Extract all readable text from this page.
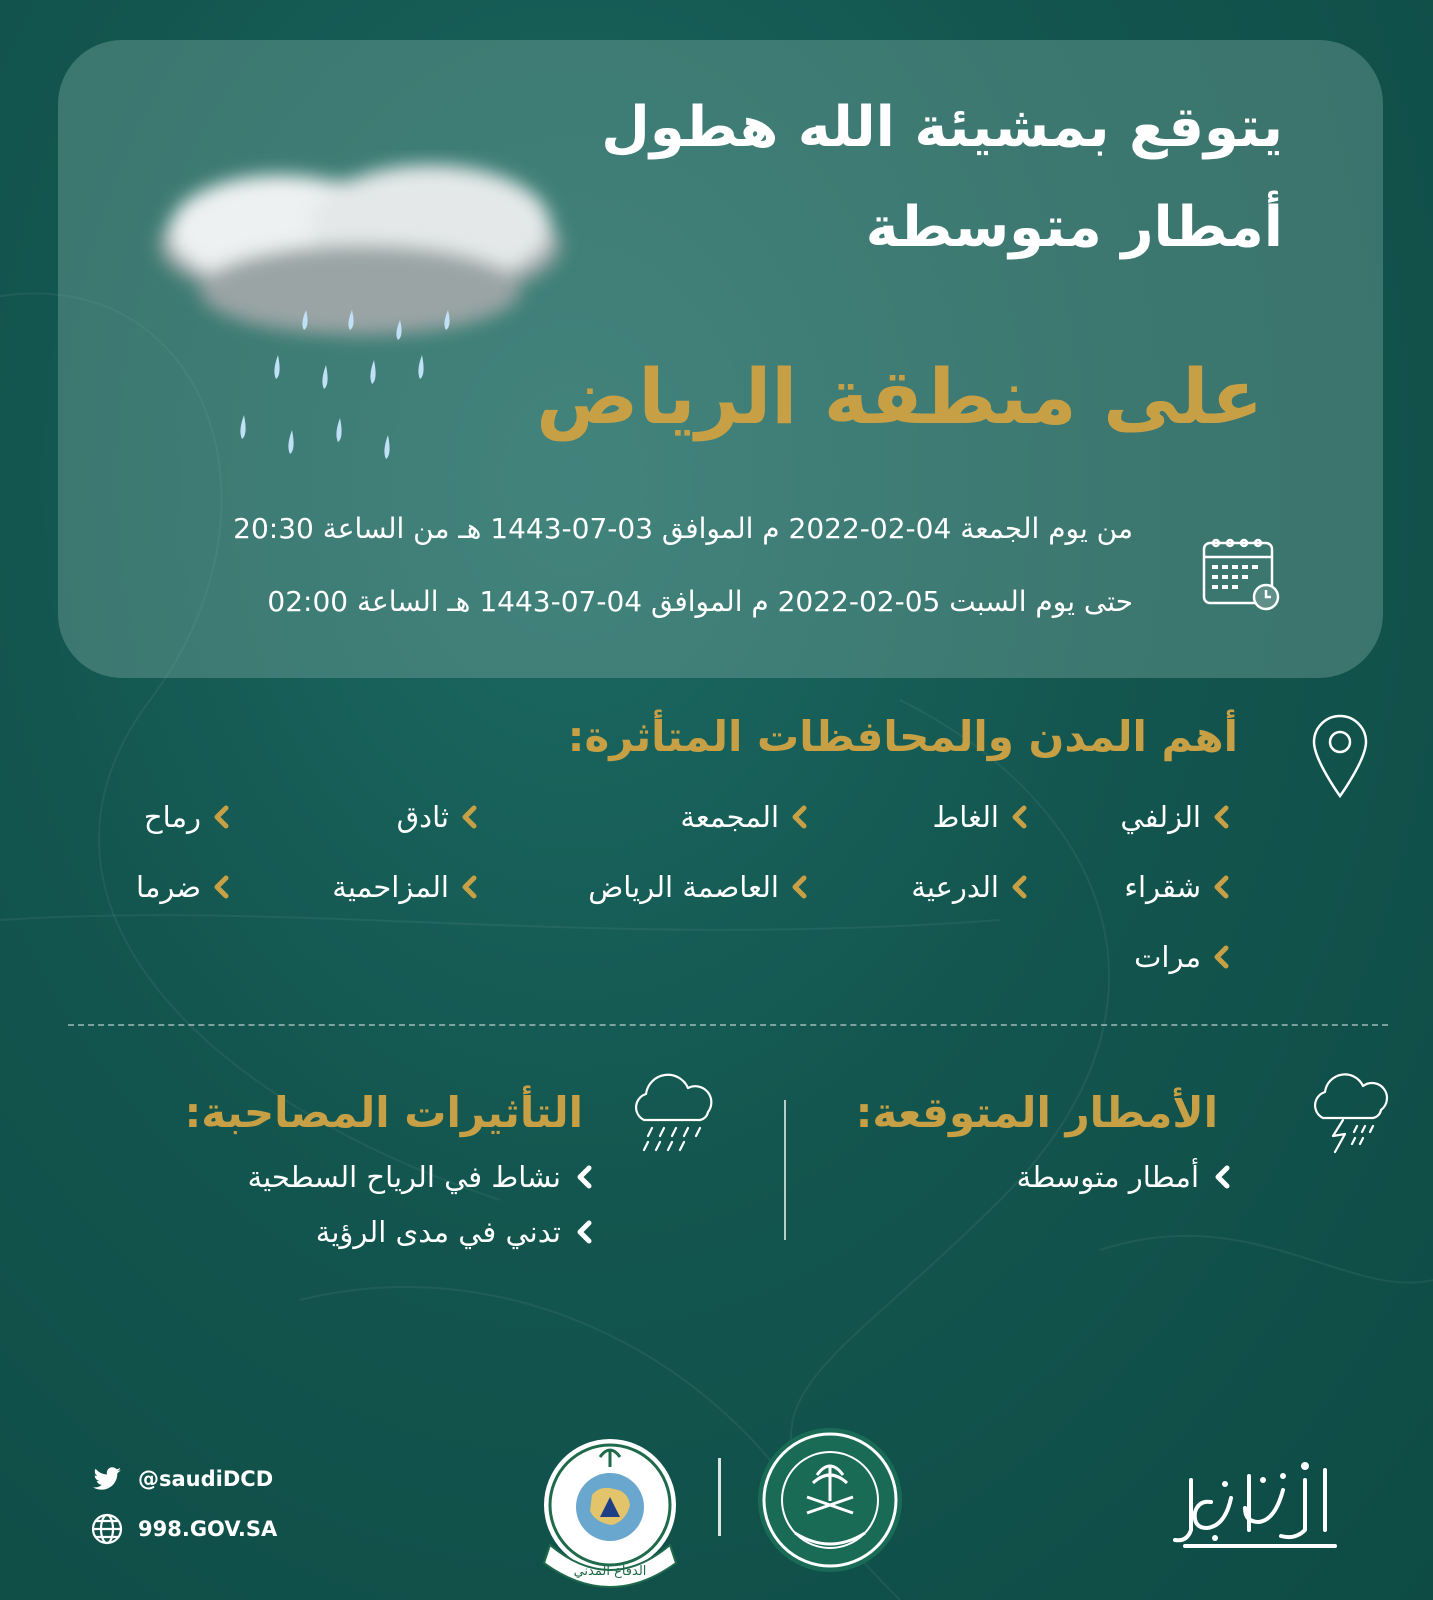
يتوقع بمشيئة الله هطول
أمطار متوسطة
على منطقة الرياض
من يوم الجمعة 04-02-2022 م الموافق 03-07-1443 هـ من الساعة 20:30
حتى يوم السبت 05-02-2022 م الموافق 04-07-1443 هـ الساعة 02:00
أهم المدن والمحافظات المتأثرة:
الزلفي
الغاط
المجمعة
ثادق
رماح
شقراء
الدرعية
العاصمة الرياض
المزاحمية
ضرما
مرات
الأمطار المتوقعة:
أمطار متوسطة
التأثيرات المصاحبة:
نشاط في الرياح السطحية
تدني في مدى الرؤية
@saudiDCD
998.GOV.SA
الدفاع المدني
